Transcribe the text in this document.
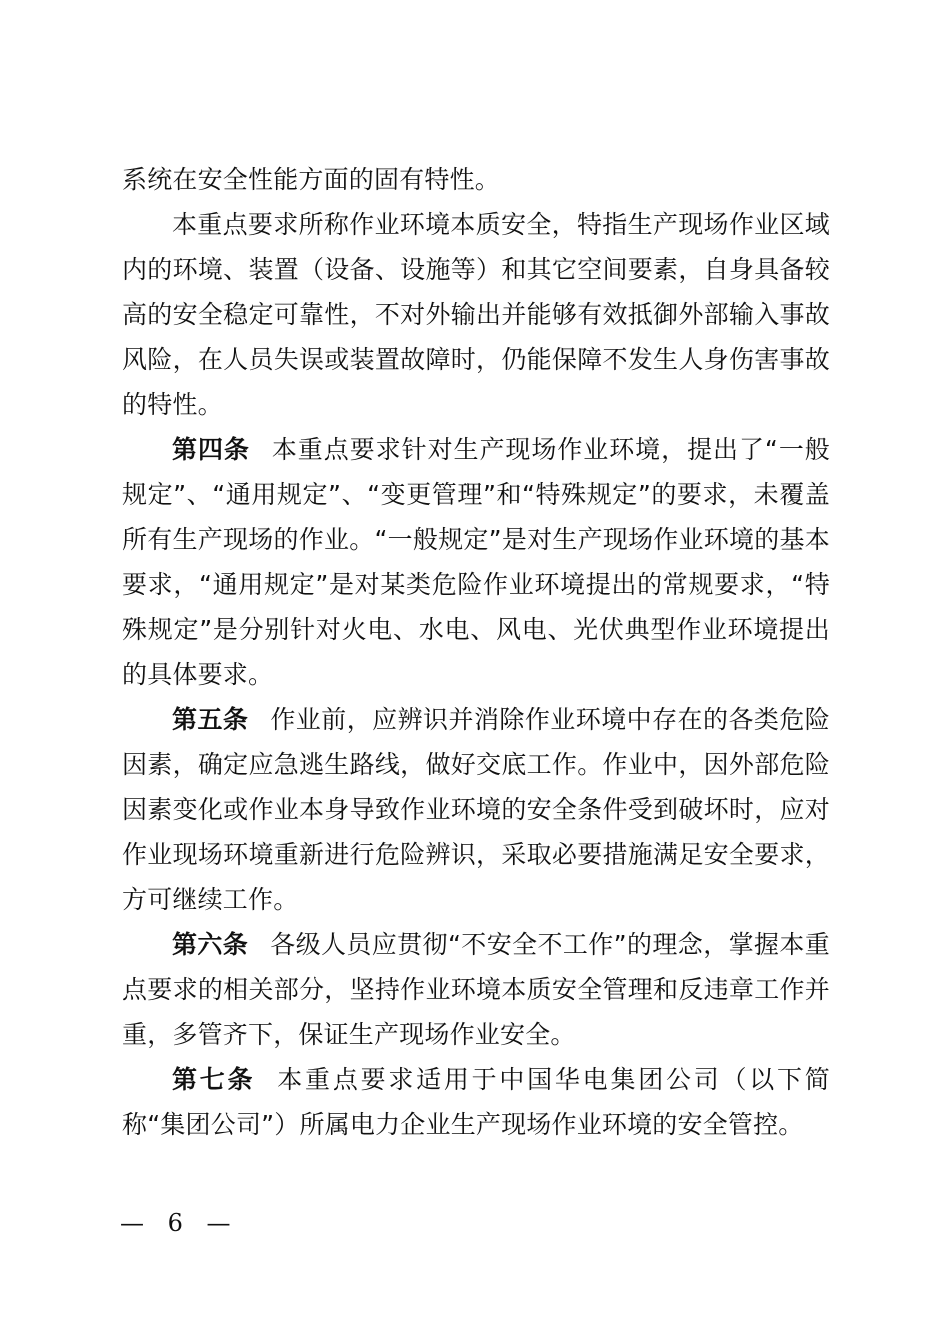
系统在安全性能方面的固有特性。

本重点要求所称作业环境本质安全，特指生产现场作业区域内的环境、装置（设备、设施等）和其它空间要素，自身具备较高的安全稳定可靠性，不对外输出并能够有效抵御外部输入事故风险，在人员失误或装置故障时，仍能保障不发生人身伤害事故的特性。

第四条 本重点要求针对生产现场作业环境，提出了“一般规定”、“通用规定”、“变更管理”和“特殊规定”的要求，未覆盖所有生产现场的作业。“一般规定”是对生产现场作业环境的基本要求，“通用规定”是对某类危险作业环境提出的常规要求，“特殊规定”是分别针对火电、水电、风电、光伏典型作业环境提出的具体要求。

第五条 作业前，应辨识并消除作业环境中存在的各类危险因素，确定应急逃生路线，做好交底工作。作业中，因外部危险因素变化或作业本身导致作业环境的安全条件受到破坏时，应对作业现场环境重新进行危险辨识，采取必要措施满足安全要求，方可继续工作。

第六条 各级人员应贯彻“不安全不工作”的理念，掌握本重点要求的相关部分，坚持作业环境本质安全管理和反违章工作并重，多管齐下，保证生产现场作业安全。

第七条 本重点要求适用于中国华电集团公司（以下简称“集团公司”）所属电力企业生产现场作业环境的安全管控。

— 6 —
